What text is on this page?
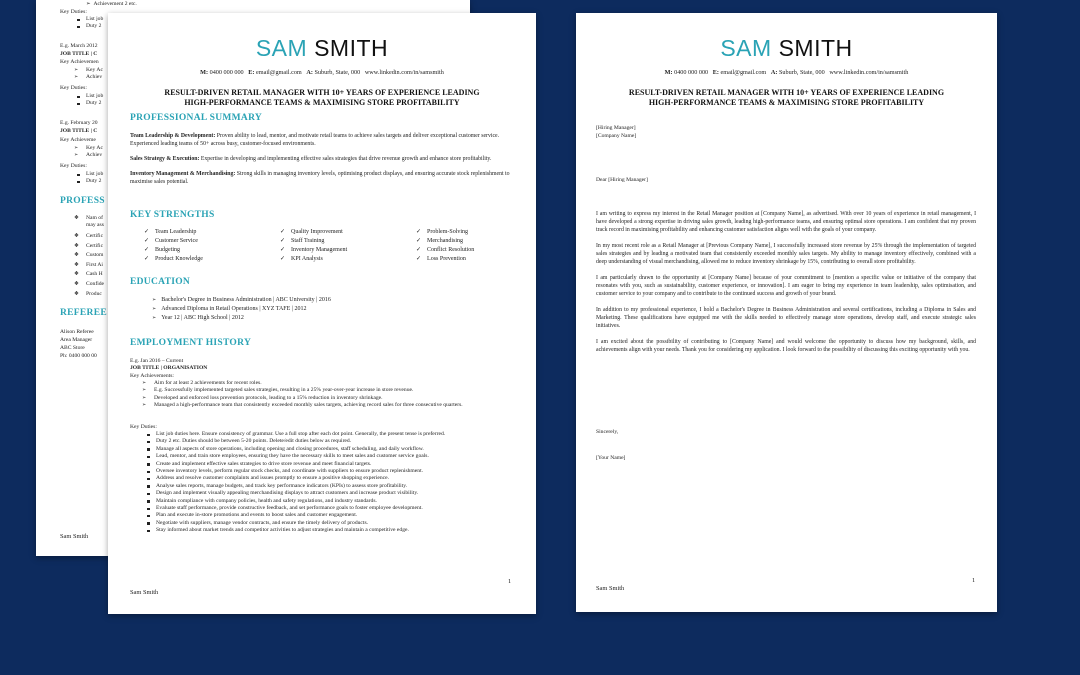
➢  Achievement 2 etc.
Key Duties:
List job
Duty 2
E.g. March 2012
JOB TITLE | C
Key Achievemen
➢ Key Ac
➢ Achiev
Key Duties:
List job
Duty 2
E.g. February 20
JOB TITLE | C
Key Achieveme
➢ Key Ac
➢ Achiev
Key Duties:
List job
Duty 2
PROFESS
❖ Nam of
may ass
❖ Certific
❖ Certific
❖ Custom
❖ First Ai
❖ Cash H
❖ Confide
❖ Produc
REFEREE
Alison Referee
Area Manager
ABC Store
Ph: 0400 000 00
Sam Smith
SAM SMITH
M: 0400 000 000 E: email@gmail.com A: Suburb, State, 000 www.linkedin.com/in/samsmith
RESULT-DRIVEN RETAIL MANAGER WITH 10+ YEARS OF EXPERIENCE LEADING
HIGH-PERFORMANCE TEAMS & MAXIMISING STORE PROFITABILITY
PROFESSIONAL SUMMARY

Team Leadership & Development: Proven ability to lead, mentor, and motivate retail teams to achieve sales targets and deliver exceptional customer service. Experienced leading teams of 50+ across busy, customer-focused environments.

Sales Strategy & Execution: Expertise in developing and implementing effective sales strategies that drive revenue growth and enhance store profitability.

Inventory Management & Merchandising: Strong skills in managing inventory levels, optimising product displays, and ensuring accurate stock replenishment to maximise sales potential.

KEY STRENGTHS
✓ Team Leadership	✓ Quality Improvement	✓ Problem-Solving
✓ Customer Service	✓ Staff Training	✓ Merchandising
✓ Budgeting	✓ Inventory Management	✓ Conflict Resolution
✓ Product Knowledge	✓ KPI Analysis	✓ Loss Prevention
EDUCATION
➢ Bachelor's Degree in Business Administration | ABC University | 2016
➢ Advanced Diploma in Retail Operations | XYZ TAFE | 2012
➢ Year 12 | ABC High School | 2012
EMPLOYMENT HISTORY
E.g. Jan 2016 – Current
JOB TITLE | ORGANISATION
Key Achievements:
➢ Aim for at least 2 achievements for recent roles.
➢ E.g. Successfully implemented targeted sales strategies, resulting in a 25% year-over-year increase in store revenue.
➢ Developed and enforced loss prevention protocols, leading to a 15% reduction in inventory shrinkage.
➢ Managed a high-performance team that consistently exceeded monthly sales targets, achieving record sales for three consecutive quarters.
Key Duties:
List job duties here. Ensure consistency of grammar. Use a full stop after each dot point. Generally, the present tense is preferred.
Duty 2 etc. Duties should be between 5-20 points. Delete/edit duties below as required.
Manage all aspects of store operations, including opening and closing procedures, staff scheduling, and daily workflow.
Lead, mentor, and train store employees, ensuring they have the necessary skills to meet sales and customer service goals.
Create and implement effective sales strategies to drive store revenue and meet financial targets.
Oversee inventory levels, perform regular stock checks, and coordinate with suppliers to ensure product replenishment.
Address and resolve customer complaints and issues promptly to ensure a positive shopping experience.
Analyse sales reports, manage budgets, and track key performance indicators (KPIs) to assess store profitability.
Design and implement visually appealing merchandising displays to attract customers and increase product visibility.
Maintain compliance with company policies, health and safety regulations, and industry standards.
Evaluate staff performance, provide constructive feedback, and set performance goals to foster employee development.
Plan and execute in-store promotions and events to boost sales and customer engagement.
Negotiate with suppliers, manage vendor contracts, and ensure the timely delivery of products.
Stay informed about market trends and competitor activities to adjust strategies and maintain a competitive edge.
1
Sam Smith
SAM SMITH
M: 0400 000 000 E: email@gmail.com A: Suburb, State, 000 www.linkedin.com/in/samsmith
RESULT-DRIVEN RETAIL MANAGER WITH 10+ YEARS OF EXPERIENCE LEADING
HIGH-PERFORMANCE TEAMS & MAXIMISING STORE PROFITABILITY
[Hiring Manager]
[Company Name]
Dear [Hiring Manager]

I am writing to express my interest in the Retail Manager position at [Company Name], as advertised. With over 10 years of experience in retail management, I have developed a strong expertise in driving sales growth, leading high-performance teams, and ensuring optimal store operations. I am confident that my proven track record in maximising profitability and enhancing customer satisfaction aligns well with the goals of your company.

In my most recent role as a Retail Manager at [Previous Company Name], I successfully increased store revenue by 25% through the implementation of targeted sales strategies and by leading a motivated team that consistently exceeded monthly sales targets. My ability to manage inventory effectively, combined with a deep understanding of visual merchandising, allowed me to reduce inventory shrinkage by 15%, contributing to overall store profitability.

I am particularly drawn to the opportunity at [Company Name] because of your commitment to [mention a specific value or initiative of the company that resonates with you, such as sustainability, customer experience, or innovation]. I am eager to bring my experience in team leadership, sales optimisation, and customer service to your company and to contribute to the continued success and growth of your brand.

In addition to my professional experience, I hold a Bachelor's Degree in Business Administration and several certifications, including a Diploma in Sales and Marketing. These qualifications have equipped me with the skills needed to effectively manage store operations, develop staff, and execute strategic sales initiatives.

I am excited about the possibility of contributing to [Company Name] and would welcome the opportunity to discuss how my background, skills, and achievements align with your needs. Thank you for considering my application. I look forward to the possibility of discussing this exciting opportunity with you.

Sincerely,
[Your Name]
1
Sam Smith
